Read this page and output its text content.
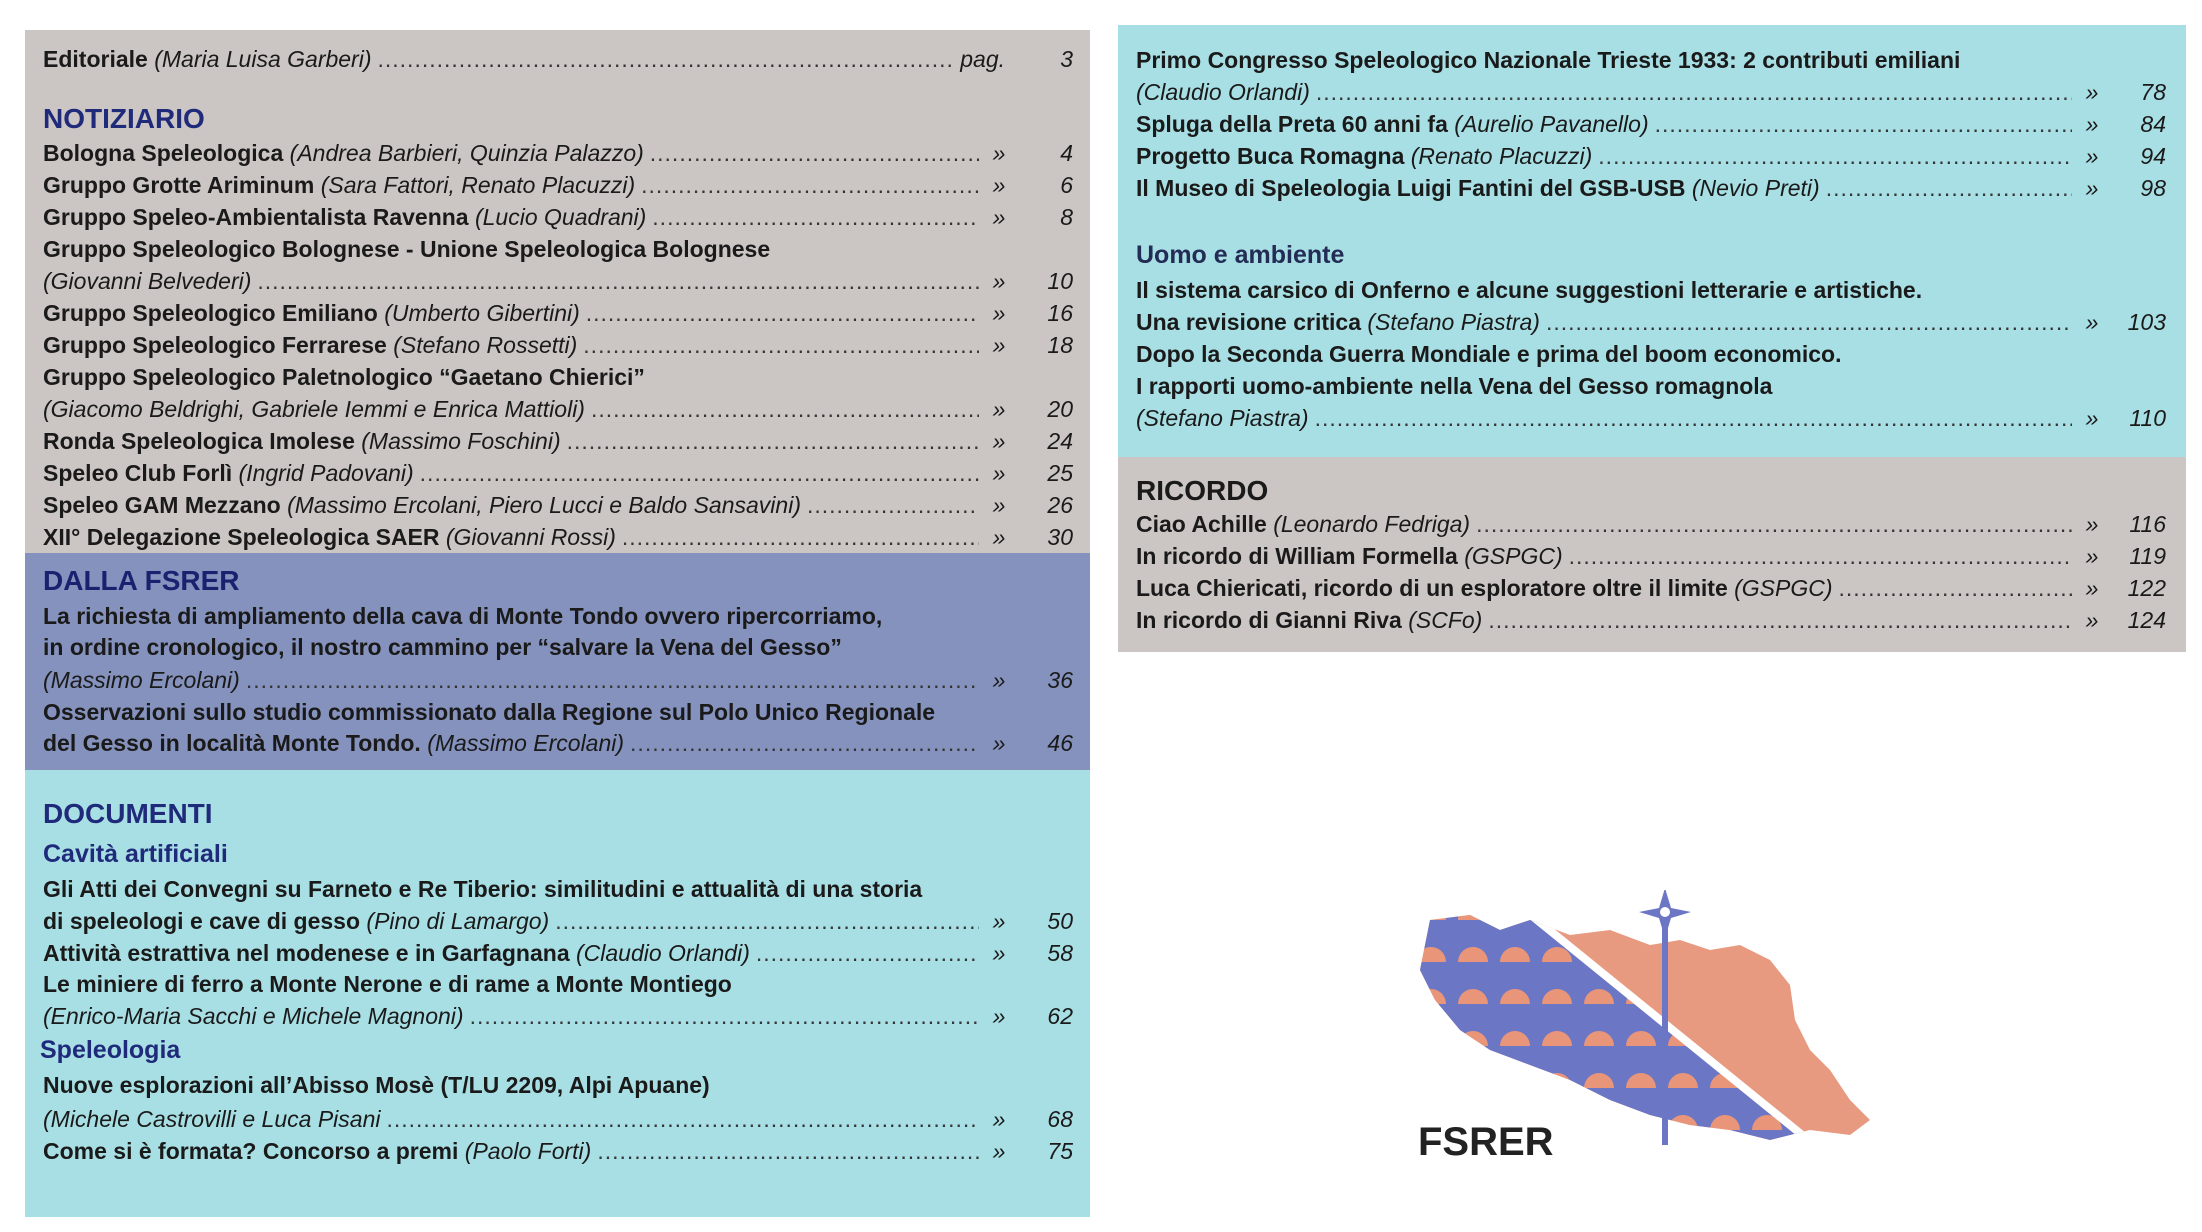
Editoriale
(Maria Luisa Garberi) .....	pag.	3
NOTIZIARIO
Bologna Speleologica
(Andrea Barbieri, Quinzia Palazzo) .....	»	4
Gruppo Grotte Ariminum
(Sara Fattori, Renato Placuzzi) .....	»	6
Gruppo Speleo-Ambientalista Ravenna
(Lucio Quadrani) .....	»	8
Gruppo Speleologico Bolognese - Unione Speleologica Bolognese
(Giovanni Belvederi) .....	»	10
Gruppo Speleologico Emiliano
(Umberto Gibertini) .....	»	16
Gruppo Speleologico Ferrarese
(Stefano Rossetti) .....	»	18
Gruppo Speleologico Paletnologico “Gaetano Chierici”
(Giacomo Beldrighi, Gabriele Iemmi e Enrica Mattioli) .....	»	20
Ronda Speleologica Imolese
(Massimo Foschini) .....	»	24
Speleo Club Forlì
(Ingrid Padovani) .....	»	25
Speleo GAM Mezzano
(Massimo Ercolani, Piero Lucci e Baldo Sansavini) .....	»	26
XII° Delegazione Speleologica SAER
(Giovanni Rossi) .....	»	30
DALLA FSRER
La richiesta di ampliamento della cava di Monte Tondo ovvero ripercorriamo,
in ordine cronologico, il nostro cammino per “salvare la Vena del Gesso”
(Massimo Ercolani) .....	»	36
Osservazioni sullo studio commissionato dalla Regione sul Polo Unico Regionale
del Gesso in località Monte Tondo.
(Massimo Ercolani) .....	»	46
DOCUMENTI
Cavità artificiali
Gli Atti dei Convegni su Farneto e Re Tiberio: similitudini e attualità di una storia
di speleologi e cave di gesso
(Pino di Lamargo) .....	»	50
Attività estrattiva nel modenese e in Garfagnana
(Claudio Orlandi) .....	»	58
Le miniere di ferro a Monte Nerone e di rame a Monte Montiego
(Enrico-Maria Sacchi e Michele Magnoni) .....	»	62
Speleologia
Nuove esplorazioni all’Abisso Mosè (T/LU 2209, Alpi Apuane)
(Michele Castrovilli e Luca Pisani .....	»	68
Come si è formata? Concorso a premi
(Paolo Forti) .....	»	75
Primo Congresso Speleologico Nazionale Trieste 1933: 2 contributi emiliani
(Claudio Orlandi) .....	»	78
Spluga della Preta 60 anni fa
(Aurelio Pavanello) .....	»	84
Progetto Buca Romagna
(Renato Placuzzi) .....	»	94
Il Museo di Speleologia Luigi Fantini del GSB-USB
(Nevio Preti) .....	»	98
Uomo e ambiente
Il sistema carsico di Onferno e alcune suggestioni letterarie e artistiche.
Una revisione critica
(Stefano Piastra) .....	»	103
Dopo la Seconda Guerra Mondiale e prima del boom economico.
I rapporti uomo-ambiente nella Vena del Gesso romagnola
(Stefano Piastra) .....	»	110
RICORDO
Ciao Achille
(Leonardo Fedriga) .....	»	116
In ricordo di William Formella
(GSPGC) .....	»	119
Luca Chiericati, ricordo di un esploratore oltre il limite
(GSPGC) .....	»	122
In ricordo di Gianni Riva
(SCFo) .....	»	124
FSRER
